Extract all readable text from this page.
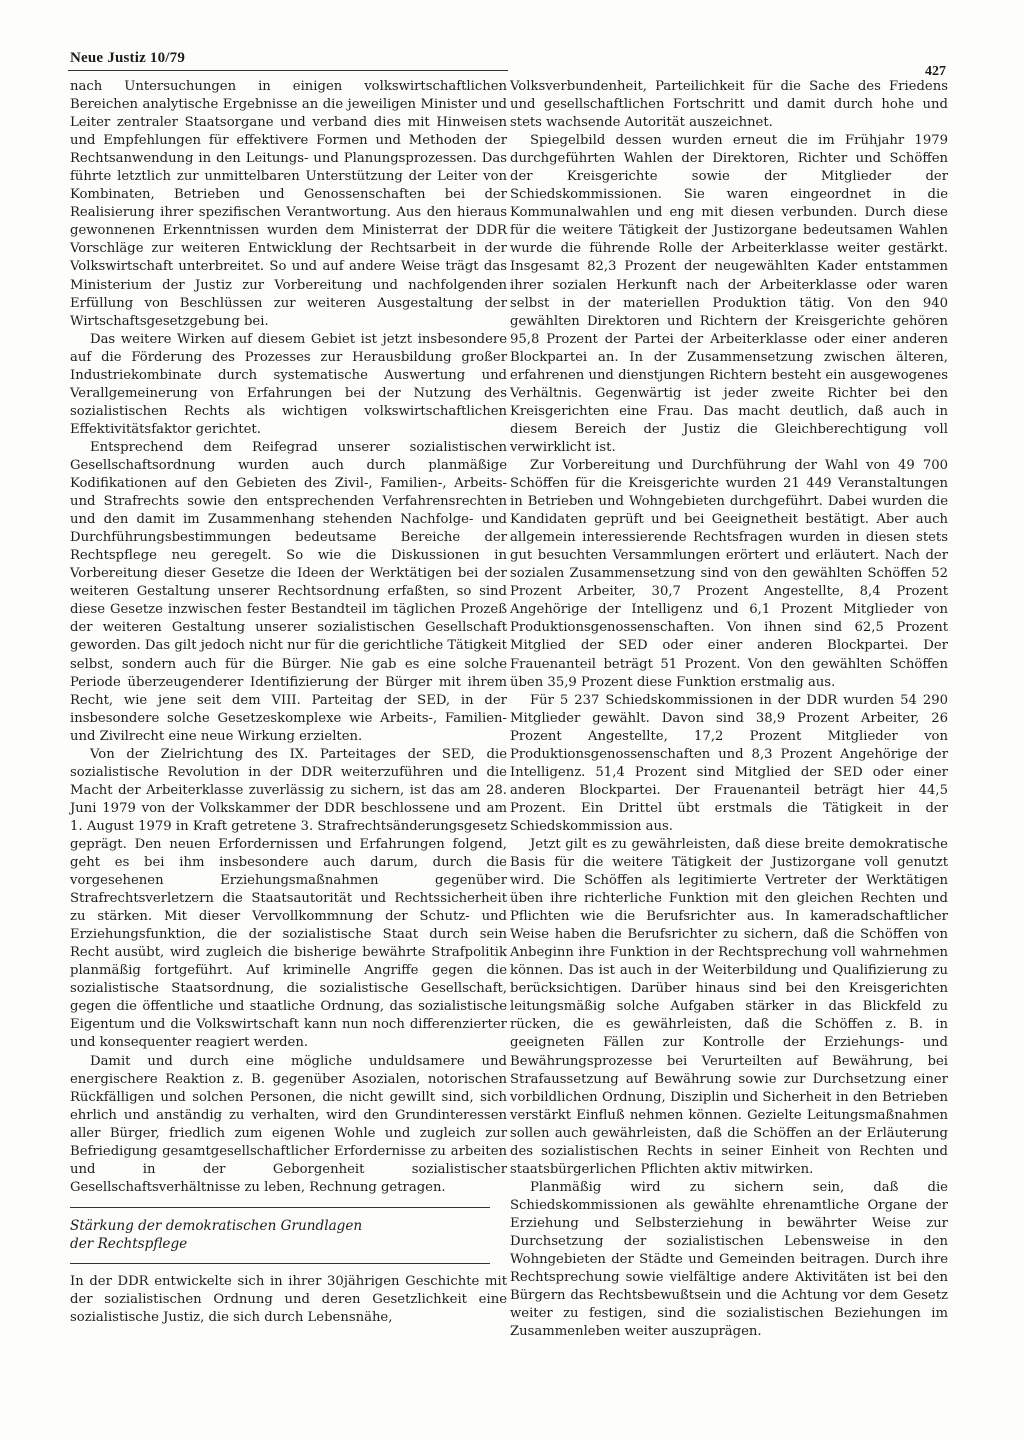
Neue Justiz 10/79
427

nach Untersuchungen in einigen volkswirtschaftlichen Bereichen analytische Ergebnisse an die jeweiligen Minister und Leiter zentraler Staatsorgane und verband dies mit Hinweisen und Empfehlungen für effektivere Formen und Methoden der Rechtsanwendung in den Leitungs- und Planungsprozessen. Das führte letztlich zur unmittelbaren Unterstützung der Leiter von Kombinaten, Betrieben und Genossenschaften bei der Realisierung ihrer spezifischen Verantwortung. Aus den hieraus gewonnenen Erkenntnissen wurden dem Ministerrat der DDR Vorschläge zur weiteren Entwicklung der Rechtsarbeit in der Volkswirtschaft unterbreitet. So und auf andere Weise trägt das Ministerium der Justiz zur Vorbereitung und nachfolgenden Erfüllung von Beschlüssen zur weiteren Ausgestaltung der Wirtschaftsgesetzgebung bei.

Das weitere Wirken auf diesem Gebiet ist jetzt insbesondere auf die Förderung des Prozesses zur Herausbildung großer Industriekombinate durch systematische Auswertung und Verallgemeinerung von Erfahrungen bei der Nutzung des sozialistischen Rechts als wichtigen volkswirtschaftlichen Effektivitätsfaktor gerichtet.

Entsprechend dem Reifegrad unserer sozialistischen Gesellschaftsordnung wurden auch durch planmäßige Kodifikationen auf den Gebieten des Zivil-, Familien-, Arbeits- und Strafrechts sowie den entsprechenden Verfahrensrechten und den damit im Zusammenhang stehenden Nachfolge- und Durchführungsbestimmungen bedeutsame Bereiche der Rechtspflege neu geregelt. So wie die Diskussionen in Vorbereitung dieser Gesetze die Ideen der Werktätigen bei der weiteren Gestaltung unserer Rechtsordnung erfaßten, so sind diese Gesetze inzwischen fester Bestandteil im täglichen Prozeß der weiteren Gestaltung unserer sozialistischen Gesellschaft geworden. Das gilt jedoch nicht nur für die gerichtliche Tätigkeit selbst, sondern auch für die Bürger. Nie gab es eine solche Periode überzeugenderer Identifizierung der Bürger mit ihrem Recht, wie jene seit dem VIII. Parteitag der SED, in der insbesondere solche Gesetzeskomplexe wie Arbeits-, Familien- und Zivilrecht eine neue Wirkung erzielten.

Von der Zielrichtung des IX. Parteitages der SED, die sozialistische Revolution in der DDR weiterzuführen und die Macht der Arbeiterklasse zuverlässig zu sichern, ist das am 28. Juni 1979 von der Volkskammer der DDR beschlossene und am 1. August 1979 in Kraft getretene 3. Strafrechtsänderungsgesetz geprägt. Den neuen Erfordernissen und Erfahrungen folgend, geht es bei ihm insbesondere auch darum, durch die vorgesehenen Erziehungsmaßnahmen gegenüber Strafrechtsverletzern die Staatsautorität und Rechtssicherheit zu stärken. Mit dieser Vervollkommnung der Schutz- und Erziehungsfunktion, die der sozialistische Staat durch sein Recht ausübt, wird zugleich die bisherige bewährte Strafpolitik planmäßig fortgeführt. Auf kriminelle Angriffe gegen die sozialistische Staatsordnung, die sozialistische Gesellschaft, gegen die öffentliche und staatliche Ordnung, das sozialistische Eigentum und die Volkswirtschaft kann nun noch differenzierter und konsequenter reagiert werden.

Damit und durch eine mögliche unduldsamere und energischere Reaktion z. B. gegenüber Asozialen, notorischen Rückfälligen und solchen Personen, die nicht gewillt sind, sich ehrlich und anständig zu verhalten, wird den Grundinteressen aller Bürger, friedlich zum eigenen Wohle und zugleich zur Befriedigung gesamtgesellschaftlicher Erfordernisse zu arbeiten und in der Geborgenheit sozialistischer Gesellschaftsverhältnisse zu leben, Rechnung getragen.

Stärkung der demokratischen Grundlagen
der Rechtspflege

In der DDR entwickelte sich in ihrer 30jährigen Geschichte mit der sozialistischen Ordnung und deren Gesetzlichkeit eine sozialistische Justiz, die sich durch Lebensnähe,

Volksverbundenheit, Parteilichkeit für die Sache des Friedens und gesellschaftlichen Fortschritt und damit durch hohe und stets wachsende Autorität auszeichnet.

Spiegelbild dessen wurden erneut die im Frühjahr 1979 durchgeführten Wahlen der Direktoren, Richter und Schöffen der Kreisgerichte sowie der Mitglieder der Schiedskommissionen. Sie waren eingeordnet in die Kommunalwahlen und eng mit diesen verbunden. Durch diese für die weitere Tätigkeit der Justizorgane bedeutsamen Wahlen wurde die führende Rolle der Arbeiterklasse weiter gestärkt. Insgesamt 82,3 Prozent der neugewählten Kader entstammen ihrer sozialen Herkunft nach der Arbeiterklasse oder waren selbst in der materiellen Produktion tätig. Von den 940 gewählten Direktoren und Richtern der Kreisgerichte gehören 95,8 Prozent der Partei der Arbeiterklasse oder einer anderen Blockpartei an. In der Zusammensetzung zwischen älteren, erfahrenen und dienstjungen Richtern besteht ein ausgewogenes Verhältnis. Gegenwärtig ist jeder zweite Richter bei den Kreisgerichten eine Frau. Das macht deutlich, daß auch in diesem Bereich der Justiz die Gleichberechtigung voll verwirklicht ist.

Zur Vorbereitung und Durchführung der Wahl von 49 700 Schöffen für die Kreisgerichte wurden 21 449 Veranstaltungen in Betrieben und Wohngebieten durchgeführt. Dabei wurden die Kandidaten geprüft und bei Geeignetheit bestätigt. Aber auch allgemein interessierende Rechtsfragen wurden in diesen stets gut besuchten Versammlungen erörtert und erläutert. Nach der sozialen Zusammensetzung sind von den gewählten Schöffen 52 Prozent Arbeiter, 30,7 Prozent Angestellte, 8,4 Prozent Angehörige der Intelligenz und 6,1 Prozent Mitglieder von Produktionsgenossenschaften. Von ihnen sind 62,5 Prozent Mitglied der SED oder einer anderen Blockpartei. Der Frauenanteil beträgt 51 Prozent. Von den gewählten Schöffen üben 35,9 Prozent diese Funktion erstmalig aus.

Für 5 237 Schiedskommissionen in der DDR wurden 54 290 Mitglieder gewählt. Davon sind 38,9 Prozent Arbeiter, 26 Prozent Angestellte, 17,2 Prozent Mitglieder von Produktionsgenossenschaften und 8,3 Prozent Angehörige der Intelligenz. 51,4 Prozent sind Mitglied der SED oder einer anderen Blockpartei. Der Frauenanteil beträgt hier 44,5 Prozent. Ein Drittel übt erstmals die Tätigkeit in der Schiedskommission aus.

Jetzt gilt es zu gewährleisten, daß diese breite demokratische Basis für die weitere Tätigkeit der Justizorgane voll genutzt wird. Die Schöffen als legitimierte Vertreter der Werktätigen üben ihre richterliche Funktion mit den gleichen Rechten und Pflichten wie die Berufsrichter aus. In kameradschaftlicher Weise haben die Berufsrichter zu sichern, daß die Schöffen von Anbeginn ihre Funktion in der Rechtsprechung voll wahrnehmen können. Das ist auch in der Weiterbildung und Qualifizierung zu berücksichtigen. Darüber hinaus sind bei den Kreisgerichten leitungsmäßig solche Aufgaben stärker in das Blickfeld zu rücken, die es gewährleisten, daß die Schöffen z. B. in geeigneten Fällen zur Kontrolle der Erziehungs- und Bewährungsprozesse bei Verurteilten auf Bewährung, bei Strafaussetzung auf Bewährung sowie zur Durchsetzung einer vorbildlichen Ordnung, Disziplin und Sicherheit in den Betrieben verstärkt Einfluß nehmen können. Gezielte Leitungsmaßnahmen sollen auch gewährleisten, daß die Schöffen an der Erläuterung des sozialistischen Rechts in seiner Einheit von Rechten und staatsbürgerlichen Pflichten aktiv mitwirken.

Planmäßig wird zu sichern sein, daß die Schiedskommissionen als gewählte ehrenamtliche Organe der Erziehung und Selbsterziehung in bewährter Weise zur Durchsetzung der sozialistischen Lebensweise in den Wohngebieten der Städte und Gemeinden beitragen. Durch ihre Rechtsprechung sowie vielfältige andere Aktivitäten ist bei den Bürgern das Rechtsbewußtsein und die Achtung vor dem Gesetz weiter zu festigen, sind die sozialistischen Beziehungen im Zusammenleben weiter auszuprägen.
